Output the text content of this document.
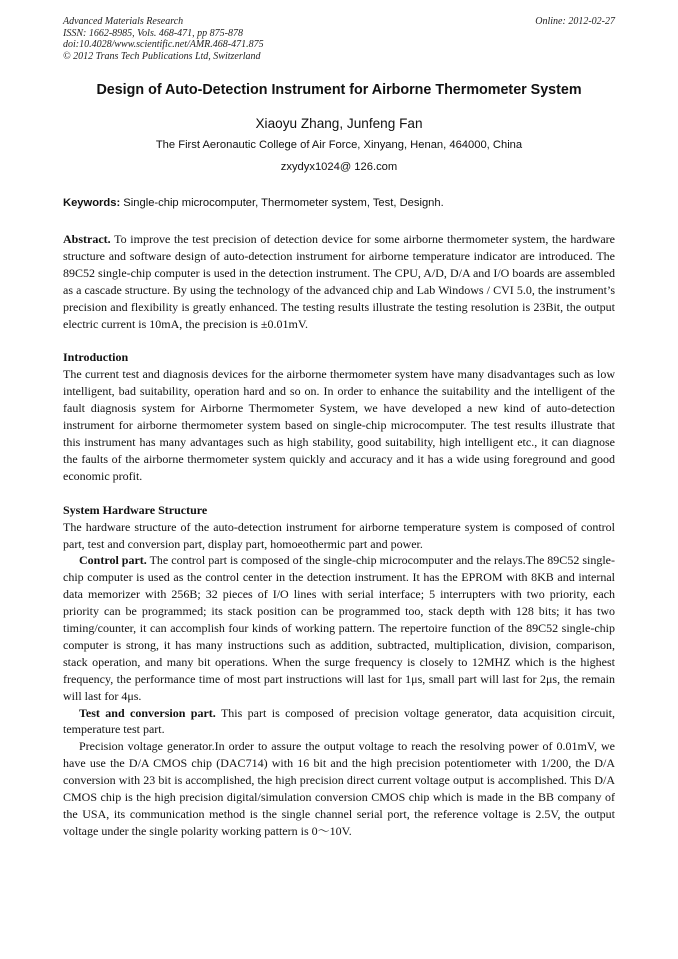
Advanced Materials Research
ISSN: 1662-8985, Vols. 468-471, pp 875-878
doi:10.4028/www.scientific.net/AMR.468-471.875
© 2012 Trans Tech Publications Ltd, Switzerland
Online: 2012-02-27
Design of Auto-Detection Instrument for Airborne Thermometer System
Xiaoyu Zhang, Junfeng Fan
The First Aeronautic College of Air Force, Xinyang, Henan, 464000, China
zxydyx1024@ 126.com
Keywords: Single-chip microcomputer, Thermometer system, Test, Designh.

Abstract. To improve the test precision of detection device for some airborne thermometer system, the hardware structure and software design of auto-detection instrument for airborne temperature indicator are introduced. The 89C52 single-chip computer is used in the detection instrument. The CPU, A/D, D/A and I/O boards are assembled as a cascade structure. By using the technology of the advanced chip and Lab Windows / CVI 5.0, the instrument’s precision and flexibility is greatly enhanced. The testing results illustrate the testing resolution is 23Bit, the output electric current is 10mA, the precision is ±0.01mV.

Introduction

The current test and diagnosis devices for the airborne thermometer system have many disadvantages such as low intelligent, bad suitability, operation hard and so on. In order to enhance the suitability and the intelligent of the fault diagnosis system for Airborne Thermometer System, we have developed a new kind of auto-detection instrument for airborne thermometer system based on single-chip microcomputer. The test results illustrate that this instrument has many advantages such as high stability, good suitability, high intelligent etc., it can diagnose the faults of the airborne thermometer system quickly and accuracy and it has a wide using foreground and good economic profit.

System Hardware Structure

The hardware structure of the auto-detection instrument for airborne temperature system is composed of control part, test and conversion part, display part, homoeothermic part and power.

Control part. The control part is composed of the single-chip microcomputer and the relays.The 89C52 single-chip computer is used as the control center in the detection instrument. It has the EPROM with 8KB and internal data memorizer with 256B; 32 pieces of I/O lines with serial interface; 5 interrupters with two priority, each priority can be programmed; its stack position can be programmed too, stack depth with 128 bits; it has two timing/counter, it can accomplish four kinds of working pattern. The repertoire function of the 89C52 single-chip computer is strong, it has many instructions such as addition, subtracted, multiplication, division, comparison, stack operation, and many bit operations. When the surge frequency is closely to 12MHZ which is the highest frequency, the performance time of most part instructions will last for 1μs, small part will last for 2μs, the remain will last for 4μs.

Test and conversion part. This part is composed of precision voltage generator, data acquisition circuit, temperature test part.

Precision voltage generator.In order to assure the output voltage to reach the resolving power of 0.01mV, we have use the D/A CMOS chip (DAC714) with 16 bit and the high precision potentiometer with 1/200, the D/A conversion with 23 bit is accomplished, the high precision direct current voltage output is accomplished. This D/A CMOS chip is the high precision digital/simulation conversion CMOS chip which is made in the BB company of the USA, its communication method is the single channel serial port, the reference voltage is 2.5V, the output voltage under the single polarity working pattern is 0～10V.
